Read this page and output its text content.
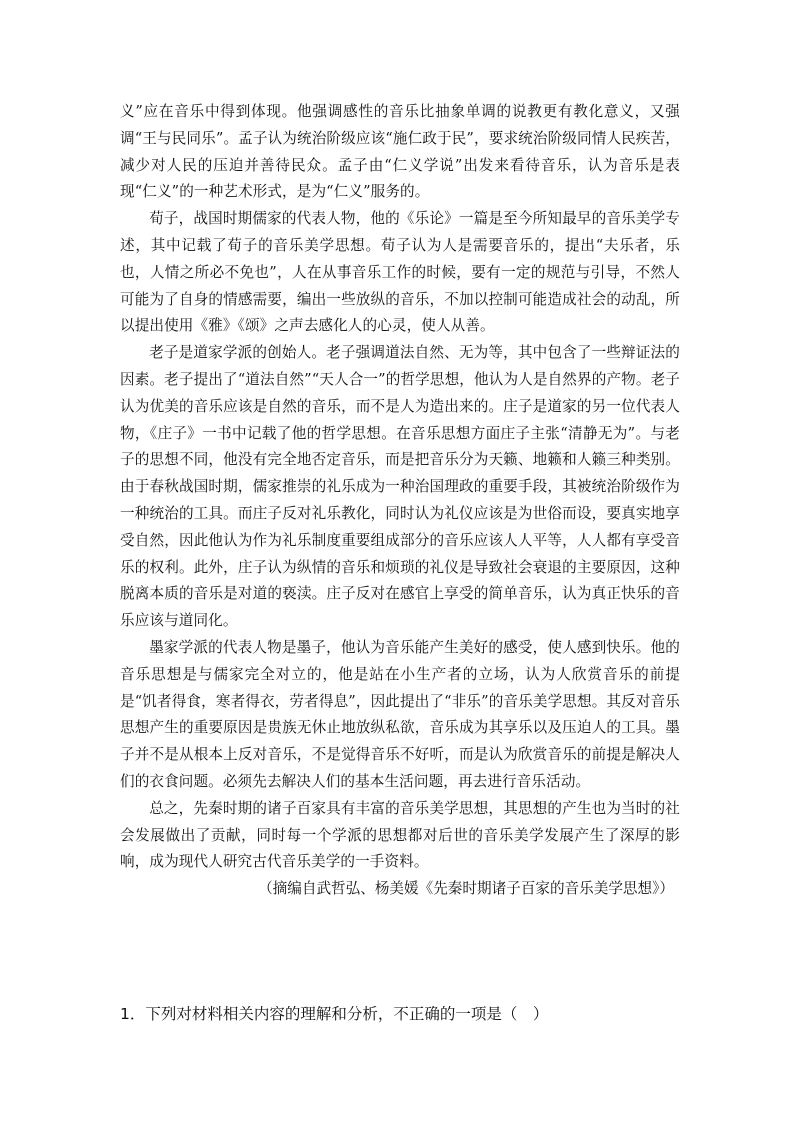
义”应在音乐中得到体现。他强调感性的音乐比抽象单调的说教更有教化意义，又强调“王与民同乐”。孟子认为统治阶级应该“施仁政于民”，要求统治阶级同情人民疾苦，减少对人民的压迫并善待民众。孟子由“仁义学说”出发来看待音乐，认为音乐是表现“仁义”的一种艺术形式，是为“仁义”服务的。

荀子，战国时期儒家的代表人物，他的《乐论》一篇是至今所知最早的音乐美学专述，其中记载了荀子的音乐美学思想。荀子认为人是需要音乐的，提出“夫乐者，乐也，人情之所必不免也”，人在从事音乐工作的时候，要有一定的规范与引导，不然人可能为了自身的情感需要，编出一些放纵的音乐，不加以控制可能造成社会的动乱，所以提出使用《雅》《颂》之声去感化人的心灵，使人从善。

老子是道家学派的创始人。老子强调道法自然、无为等，其中包含了一些辩证法的因素。老子提出了“道法自然”“天人合一”的哲学思想，他认为人是自然界的产物。老子认为优美的音乐应该是自然的音乐，而不是人为造出来的。庄子是道家的另一位代表人物，《庄子》一书中记载了他的哲学思想。在音乐思想方面庄子主张“清静无为”。与老子的思想不同，他没有完全地否定音乐，而是把音乐分为天籁、地籁和人籁三种类别。由于春秋战国时期，儒家推崇的礼乐成为一种治国理政的重要手段，其被统治阶级作为一种统治的工具。而庄子反对礼乐教化，同时认为礼仪应该是为世俗而设，要真实地享受自然，因此他认为作为礼乐制度重要组成部分的音乐应该人人平等，人人都有享受音乐的权利。此外，庄子认为纵情的音乐和烦琐的礼仪是导致社会衰退的主要原因，这种脱离本质的音乐是对道的亵渎。庄子反对在感官上享受的简单音乐，认为真正快乐的音乐应该与道同化。

墨家学派的代表人物是墨子，他认为音乐能产生美好的感受，使人感到快乐。他的音乐思想是与儒家完全对立的，他是站在小生产者的立场，认为人欣赏音乐的前提是“饥者得食，寒者得衣，劳者得息”，因此提出了“非乐”的音乐美学思想。其反对音乐思想产生的重要原因是贵族无休止地放纵私欲，音乐成为其享乐以及压迫人的工具。墨子并不是从根本上反对音乐，不是觉得音乐不好听，而是认为欣赏音乐的前提是解决人们的衣食问题。必须先去解决人们的基本生活问题，再去进行音乐活动。

总之，先秦时期的诸子百家具有丰富的音乐美学思想，其思想的产生也为当时的社会发展做出了贡献，同时每一个学派的思想都对后世的音乐美学发展产生了深厚的影响，成为现代人研究古代音乐美学的一手资料。

（摘编自武哲弘、杨美媛《先秦时期诸子百家的音乐美学思想》）

1．下列对材料相关内容的理解和分析，不正确的一项是（　）
